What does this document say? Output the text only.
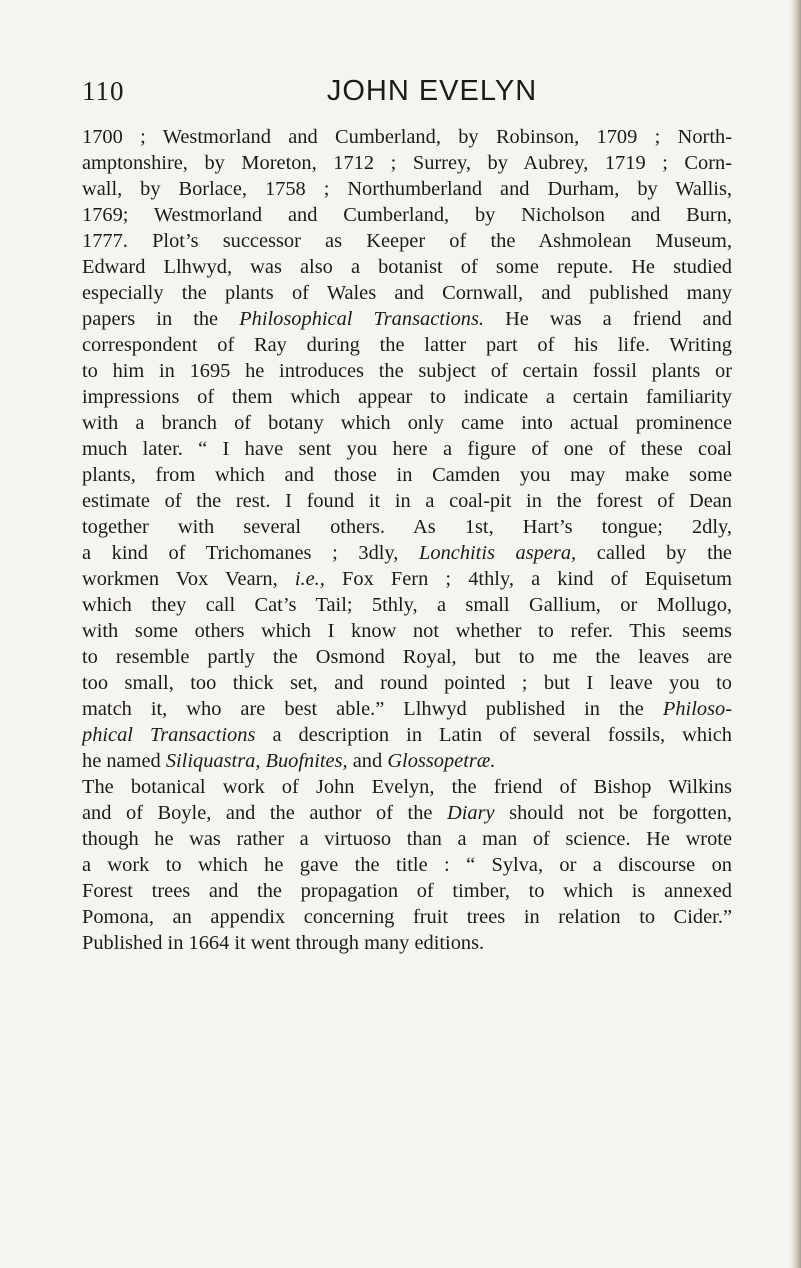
110	JOHN EVELYN
1700 ; Westmorland and Cumberland, by Robinson, 1709 ; North-
amptonshire, by Moreton, 1712 ; Surrey, by Aubrey, 1719 ; Corn-
wall, by Borlace, 1758 ; Northumberland and Durham, by Wallis,
1769; Westmorland and Cumberland, by Nicholson and Burn,
1777. Plot’s successor as Keeper of the Ashmolean Museum,
Edward Llhwyd, was also a botanist of some repute. He studied
especially the plants of Wales and Cornwall, and published many
papers in the Philosophical Transactions. He was a friend and
correspondent of Ray during the latter part of his life. Writing
to him in 1695 he introduces the subject of certain fossil plants or
impressions of them which appear to indicate a certain familiarity
with a branch of botany which only came into actual prominence
much later. “ I have sent you here a figure of one of these coal
plants, from which and those in Camden you may make some
estimate of the rest. I found it in a coal-pit in the forest of Dean
together with several others. As 1st, Hart’s tongue; 2dly,
a kind of Trichomanes ; 3dly, Lonchitis aspera, called by the
workmen Vox Vearn, i.e., Fox Fern ; 4thly, a kind of Equisetum
which they call Cat’s Tail; 5thly, a small Gallium, or Mollugo,
with some others which I know not whether to refer. This seems
to resemble partly the Osmond Royal, but to me the leaves are
too small, too thick set, and round pointed ; but I leave you to
match it, who are best able.” Llhwyd published in the Philoso-
phical Transactions a description in Latin of several fossils, which
he named Siliquastra, Buofnites, and Glossopetræ.
The botanical work of John Evelyn, the friend of Bishop Wilkins
and of Boyle, and the author of the Diary should not be forgotten,
though he was rather a virtuoso than a man of science. He wrote
a work to which he gave the title : “ Sylva, or a discourse on
Forest trees and the propagation of timber, to which is annexed
Pomona, an appendix concerning fruit trees in relation to Cider.”
Published in 1664 it went through many editions.
